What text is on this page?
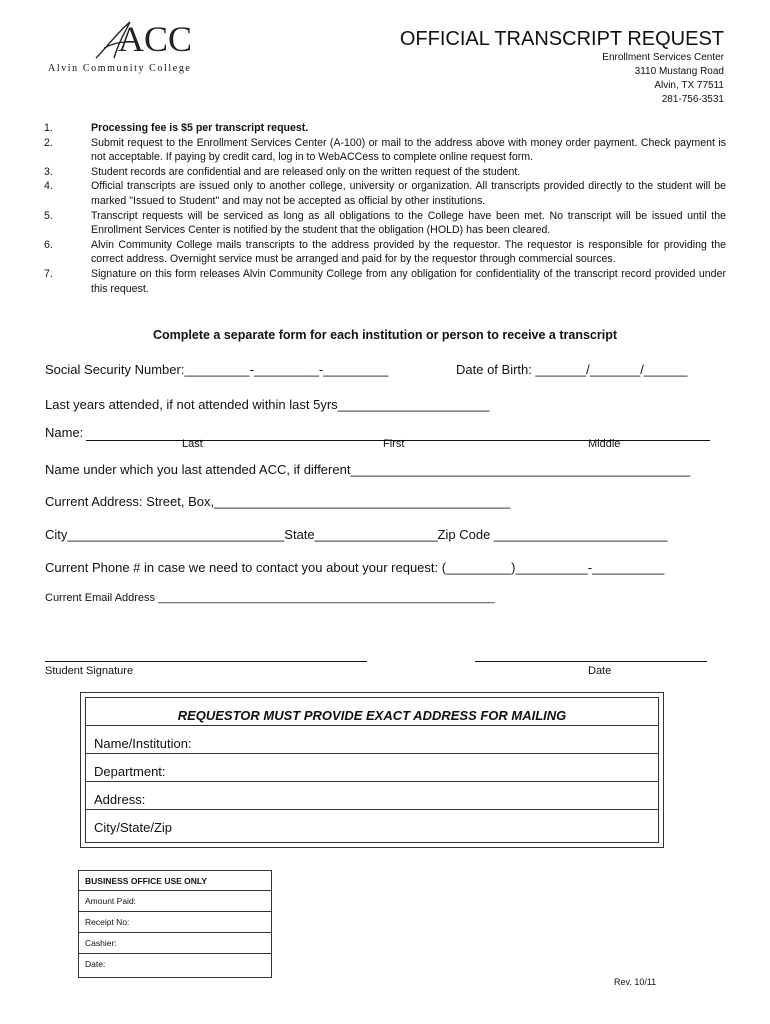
ACC
Alvin Community College
OFFICIAL TRANSCRIPT REQUEST
Enrollment Services Center
3110 Mustang Road
Alvin, TX 77511
281-756-3531
1.	Processing fee is $5 per transcript request.
2.	Submit request to the Enrollment Services Center (A-100) or mail to the address above with money order payment. Check payment is not acceptable. If paying by credit card, log in to WebACCess to complete online request form.
3.	Student records are confidential and are released only on the written request of the student.
4.	Official transcripts are issued only to another college, university or organization. All transcripts provided directly to the student will be marked "Issued to Student" and may not be accepted as official by other institutions.
5.	Transcript requests will be serviced as long as all obligations to the College have been met. No transcript will be issued until the Enrollment Services Center is notified by the student that the obligation (HOLD) has been cleared.
6.	Alvin Community College mails transcripts to the address provided by the requestor. The requestor is responsible for providing the correct address. Overnight service must be arranged and paid for by the requestor through commercial sources.
7.	Signature on this form releases Alvin Community College from any obligation for confidentiality of the transcript record provided under this request.
Complete a separate form for each institution or person to receive a transcript
Social Security Number:_________-_________-_________	Date of Birth: _______/_______/______
Last years attended, if not attended within last 5yrs_____________________
Name:
Last	First	Middle
Name under which you last attended ACC, if different_______________________________________________
Current Address: Street, Box,_________________________________________
City______________________________State_________________Zip Code ________________________
Current Phone # in case we need to contact you about your request: (_________)__________-__________
Current Email Address _______________________________________________________
Student Signature	Date
REQUESTOR MUST PROVIDE EXACT ADDRESS FOR MAILING
Name/Institution:
Department:
Address:
City/State/Zip
BUSINESS OFFICE USE ONLY
Amount Paid:
Receipt No:
Cashier:
Date:
Rev. 10/11
